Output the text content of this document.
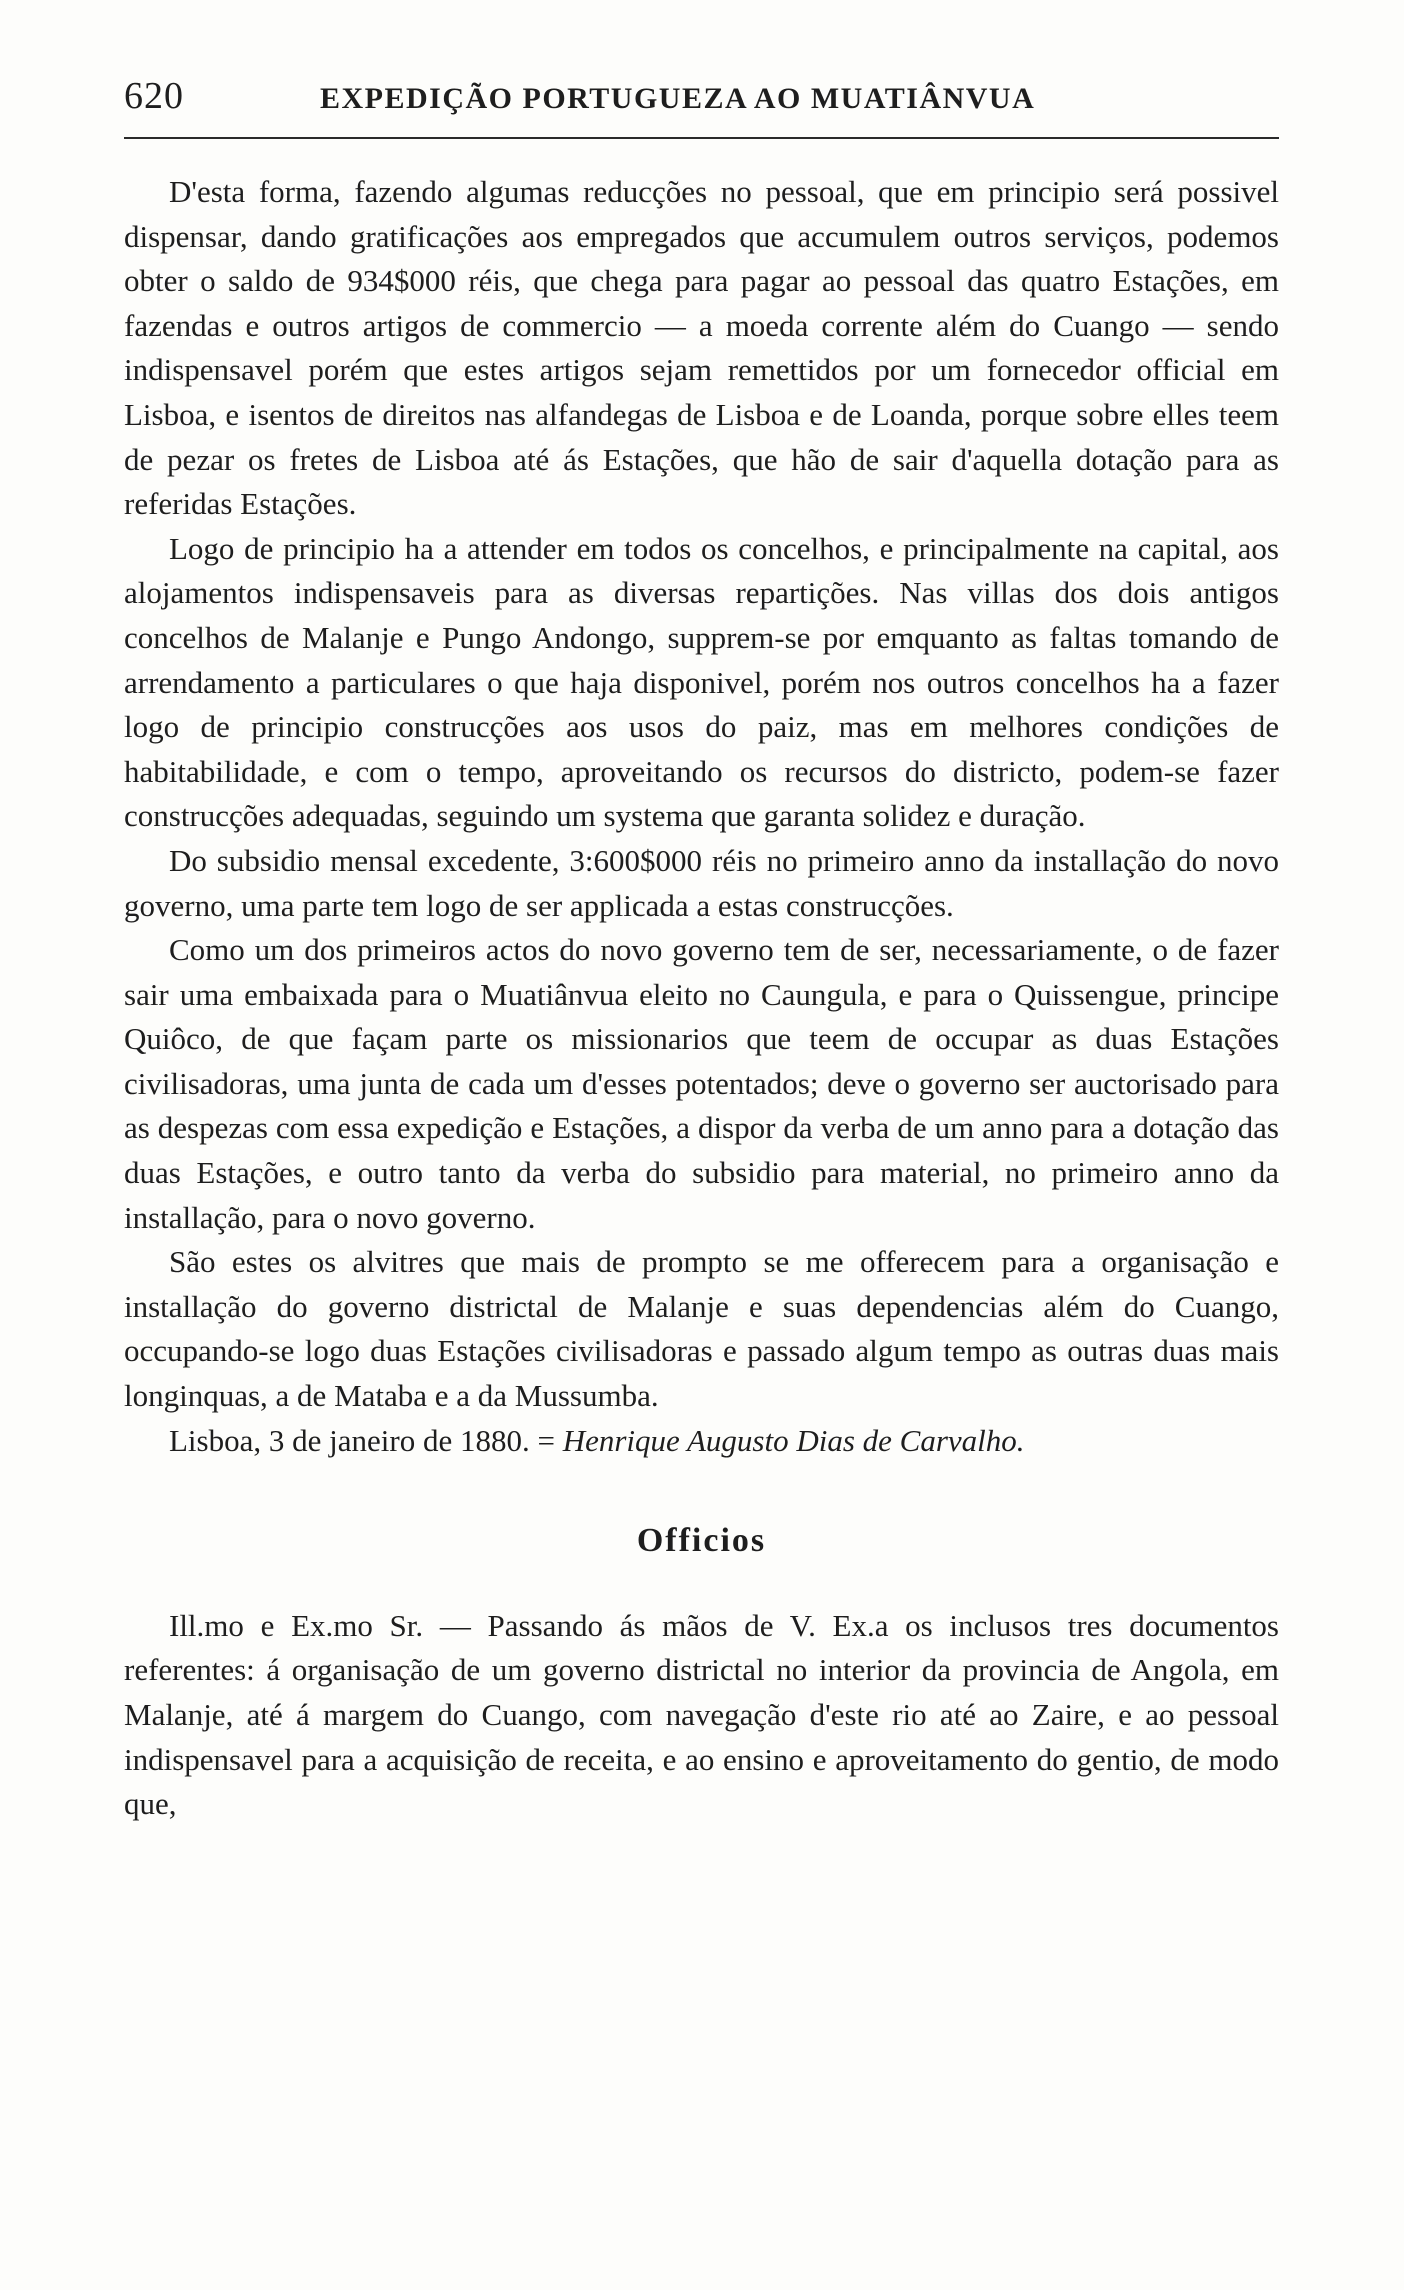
620	EXPEDIÇÃO PORTUGUEZA AO MUATIÂNVUA

D'esta forma, fazendo algumas reducções no pessoal, que em principio será possivel dispensar, dando gratificações aos empregados que accumulem outros serviços, podemos obter o saldo de 934$000 réis, que chega para pagar ao pessoal das quatro Estações, em fazendas e outros artigos de commercio — a moeda corrente além do Cuango — sendo indispensavel porém que estes artigos sejam remettidos por um fornecedor official em Lisboa, e isentos de direitos nas alfandegas de Lisboa e de Loanda, porque sobre elles teem de pezar os fretes de Lisboa até ás Estações, que hão de sair d'aquella dotação para as referidas Estações.

Logo de principio ha a attender em todos os concelhos, e principalmente na capital, aos alojamentos indispensaveis para as diversas repartições. Nas villas dos dois antigos concelhos de Malanje e Pungo Andongo, supprem-se por emquanto as faltas tomando de arrendamento a particulares o que haja disponivel, porém nos outros concelhos ha a fazer logo de principio construcções aos usos do paiz, mas em melhores condições de habitabilidade, e com o tempo, aproveitando os recursos do districto, podem-se fazer construcções adequadas, seguindo um systema que garanta solidez e duração.

Do subsidio mensal excedente, 3:600$000 réis no primeiro anno da installação do novo governo, uma parte tem logo de ser applicada a estas construcções.

Como um dos primeiros actos do novo governo tem de ser, necessariamente, o de fazer sair uma embaixada para o Muatiânvua eleito no Caungula, e para o Quissengue, principe Quiôco, de que façam parte os missionarios que teem de occupar as duas Estações civilisadoras, uma junta de cada um d'esses potentados; deve o governo ser auctorisado para as despezas com essa expedição e Estações, a dispor da verba de um anno para a dotação das duas Estações, e outro tanto da verba do subsidio para material, no primeiro anno da installação, para o novo governo.

São estes os alvitres que mais de prompto se me offerecem para a organisação e installação do governo districtal de Malanje e suas dependencias além do Cuango, occupando-se logo duas Estações civilisadoras e passado algum tempo as outras duas mais longinquas, a de Mataba e a da Mussumba.

Lisboa, 3 de janeiro de 1880. = Henrique Augusto Dias de Carvalho.

Officios

Ill.mo e Ex.mo Sr. — Passando ás mãos de V. Ex.a os inclusos tres documentos referentes: á organisação de um governo districtal no interior da provincia de Angola, em Malanje, até á margem do Cuango, com navegação d'este rio até ao Zaire, e ao pessoal indispensavel para a acquisição de receita, e ao ensino e aproveitamento do gentio, de modo que,
